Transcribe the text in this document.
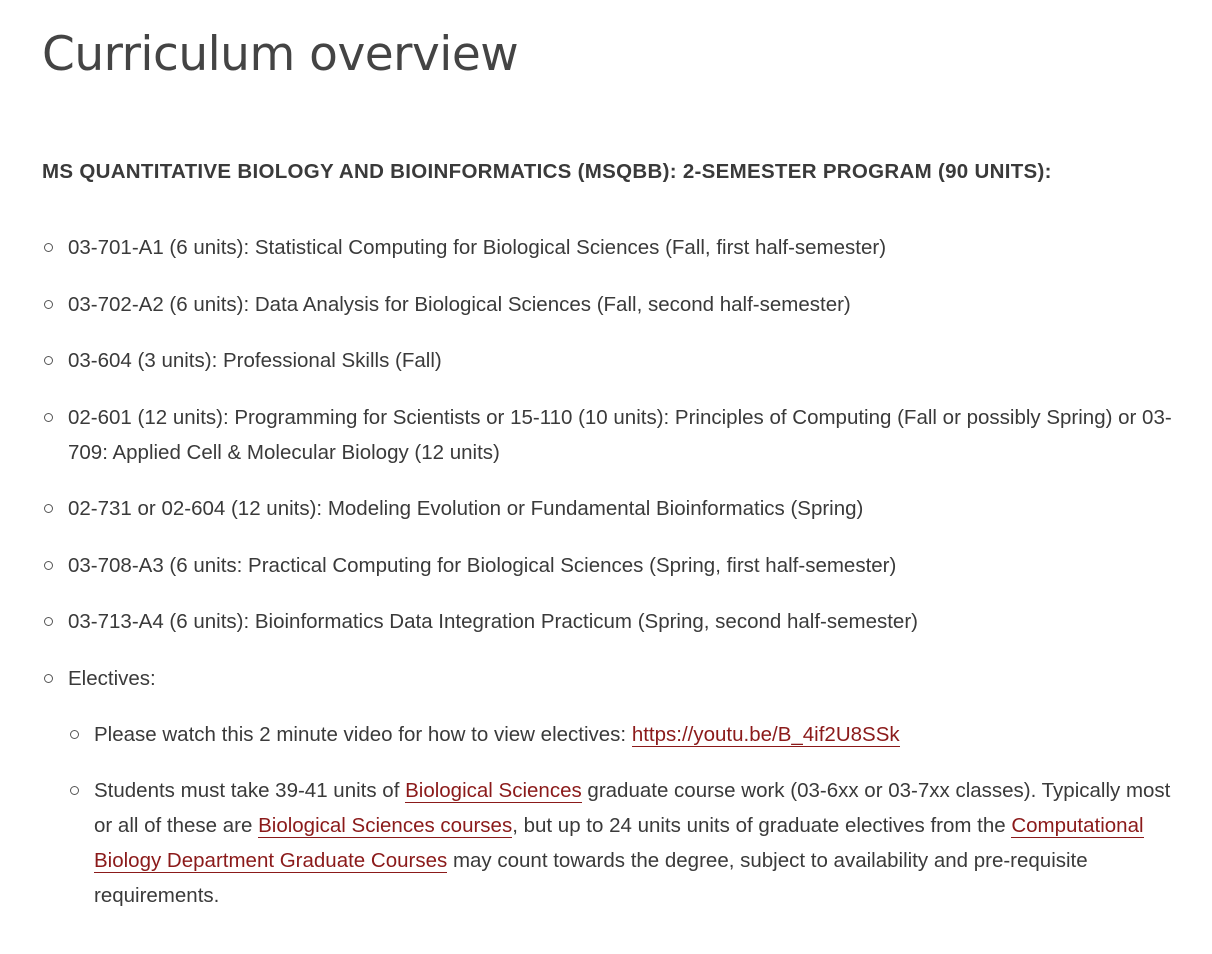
Curriculum overview
MS QUANTITATIVE BIOLOGY AND BIOINFORMATICS (MSQBB): 2-SEMESTER PROGRAM (90 UNITS):
03-701-A1 (6 units): Statistical Computing for Biological Sciences (Fall, first half-semester)
03-702-A2 (6 units): Data Analysis for Biological Sciences (Fall, second half-semester)
03-604 (3 units): Professional Skills (Fall)
02-601 (12 units): Programming for Scientists or 15-110 (10 units): Principles of Computing (Fall or possibly Spring) or 03-709: Applied Cell & Molecular Biology (12 units)
02-731 or 02-604 (12 units): Modeling Evolution or Fundamental Bioinformatics (Spring)
03-708-A3 (6 units: Practical Computing for Biological Sciences (Spring, first half-semester)
03-713-A4 (6 units): Bioinformatics Data Integration Practicum (Spring, second half-semester)
Electives:
Please watch this 2 minute video for how to view electives: https://youtu.be/B_4if2U8SSk
Students must take 39-41 units of Biological Sciences graduate course work (03-6xx or 03-7xx classes). Typically most or all of these are Biological Sciences courses, but up to 24 units units of graduate electives from the Computational Biology Department Graduate Courses may count towards the degree, subject to availability and pre-requisite requirements.
